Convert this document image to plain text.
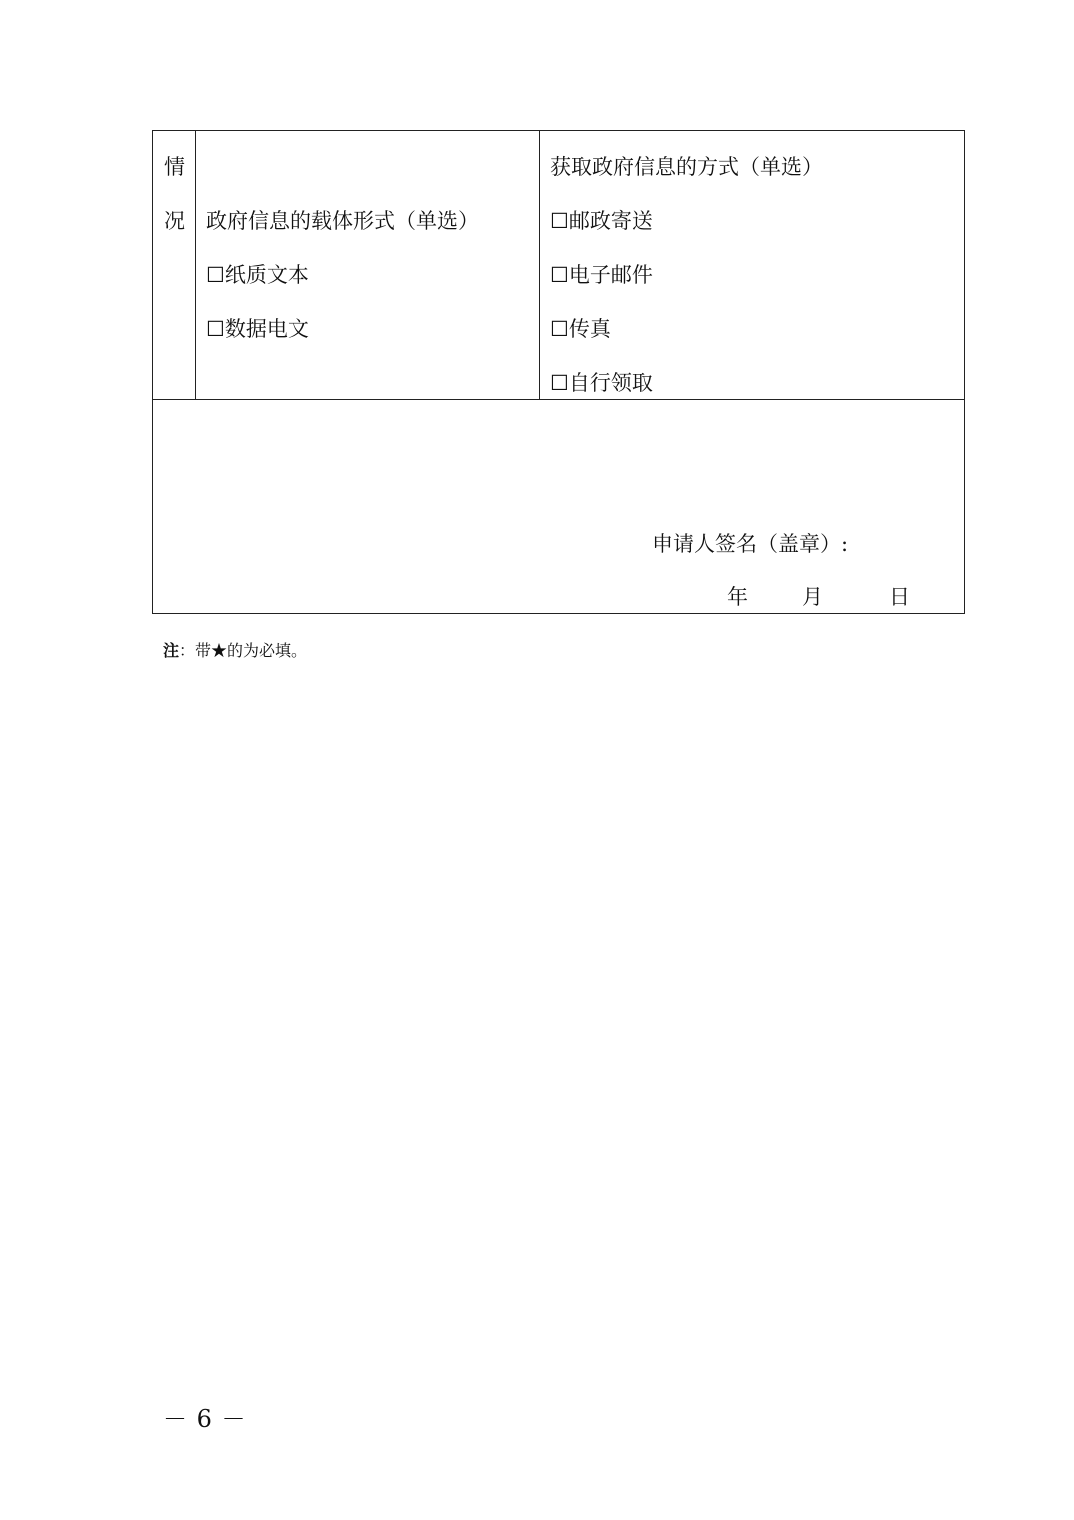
情
况 政府信息的载体形式（单选）
☐纸质文本
☐数据电文
获取政府信息的方式（单选）
☐邮政寄送
☐电子邮件
☐传真
☐自行领取
申请人签名（盖章）:
年	月	日
注：带★的为必填。
－ 6 －
